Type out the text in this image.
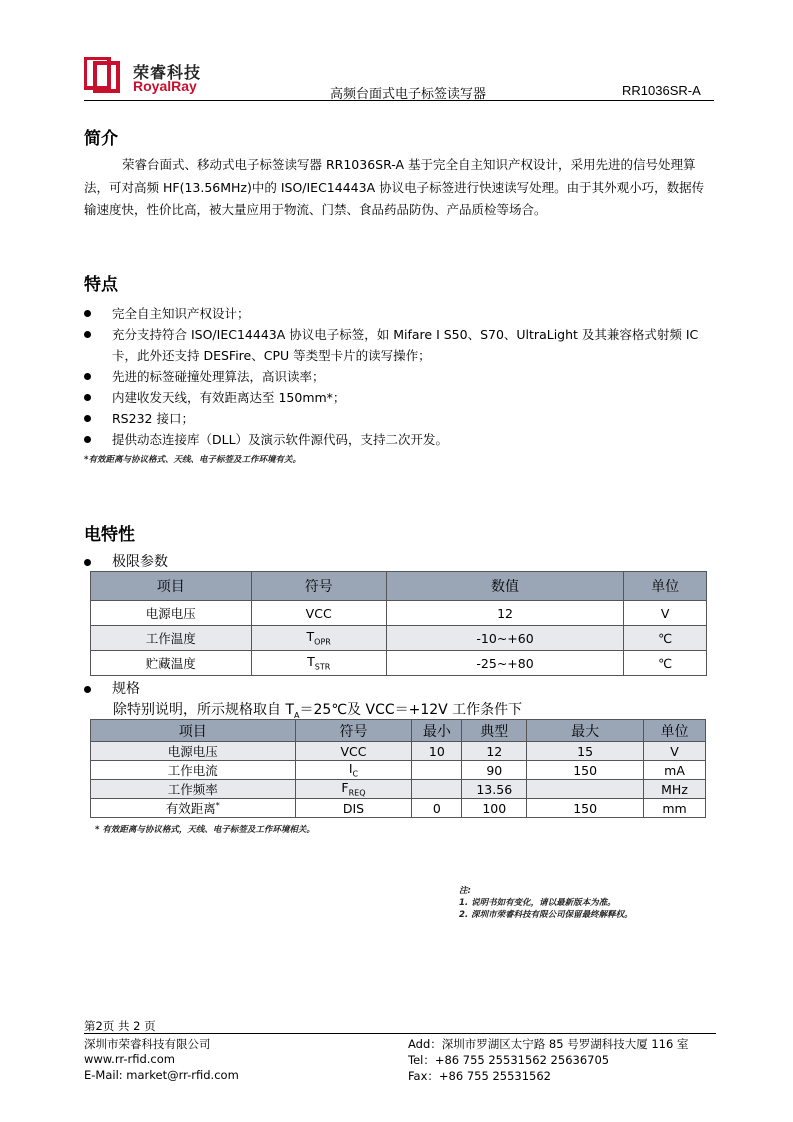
荣睿科技
RoyalRay
高频台面式电子标签读写器	RR1036SR-A
简介
荣睿台面式、移动式电子标签读写器 RR1036SR-A 基于完全自主知识产权设计，采用先进的信号处理算法，可对高频 HF(13.56MHz)中的 ISO/IEC14443A 协议电子标签进行快速读写处理。由于其外观小巧，数据传输速度快，性价比高，被大量应用于物流、门禁、食品药品防伪、产品质检等场合。
特点
完全自主知识产权设计；
充分支持符合 ISO/IEC14443A 协议电子标签，如 Mifare I S50、S70、UltraLight 及其兼容格式射频 IC 卡，此外还支持 DESFire、CPU 等类型卡片的读写操作；
先进的标签碰撞处理算法，高识读率；
内建收发天线，有效距离达至 150mm*；
RS232 接口；
提供动态连接库（DLL）及演示软件源代码，支持二次开发。
*有效距离与协议格式、天线、电子标签及工作环境有关。
电特性
极限参数
项目	符号	数值	单位
电源电压	VCC	12	V
工作温度	$T_{OPR}$	-10~+60	℃
贮藏温度	$T_{STR}$	-25~+80	℃
规格
除特别说明，所示规格取自 $T_A=25℃$及 VCC＝+12V 工作条件下
项目	符号	最小	典型	最大	单位
电源电压	VCC	10	12	15	V
工作电流	$I_C$		90	150	mA
工作频率	$F_{REQ}$		13.56		MHz
有效距离*	DIS	0	100	150	mm
* 有效距离与协议格式，天线、电子标签及工作环境相关。
注:
1. 说明书如有变化，请以最新版本为准。
2. 深圳市荣睿科技有限公司保留最终解释权。
第2页 共 2 页
深圳市荣睿科技有限公司
www.rr-rfid.com
E-Mail: market@rr-rfid.com
Add：深圳市罗湖区太宁路 85 号罗湖科技大厦 116 室
Tel：+86 755 25531562 25636705
Fax：+86 755 25531562
